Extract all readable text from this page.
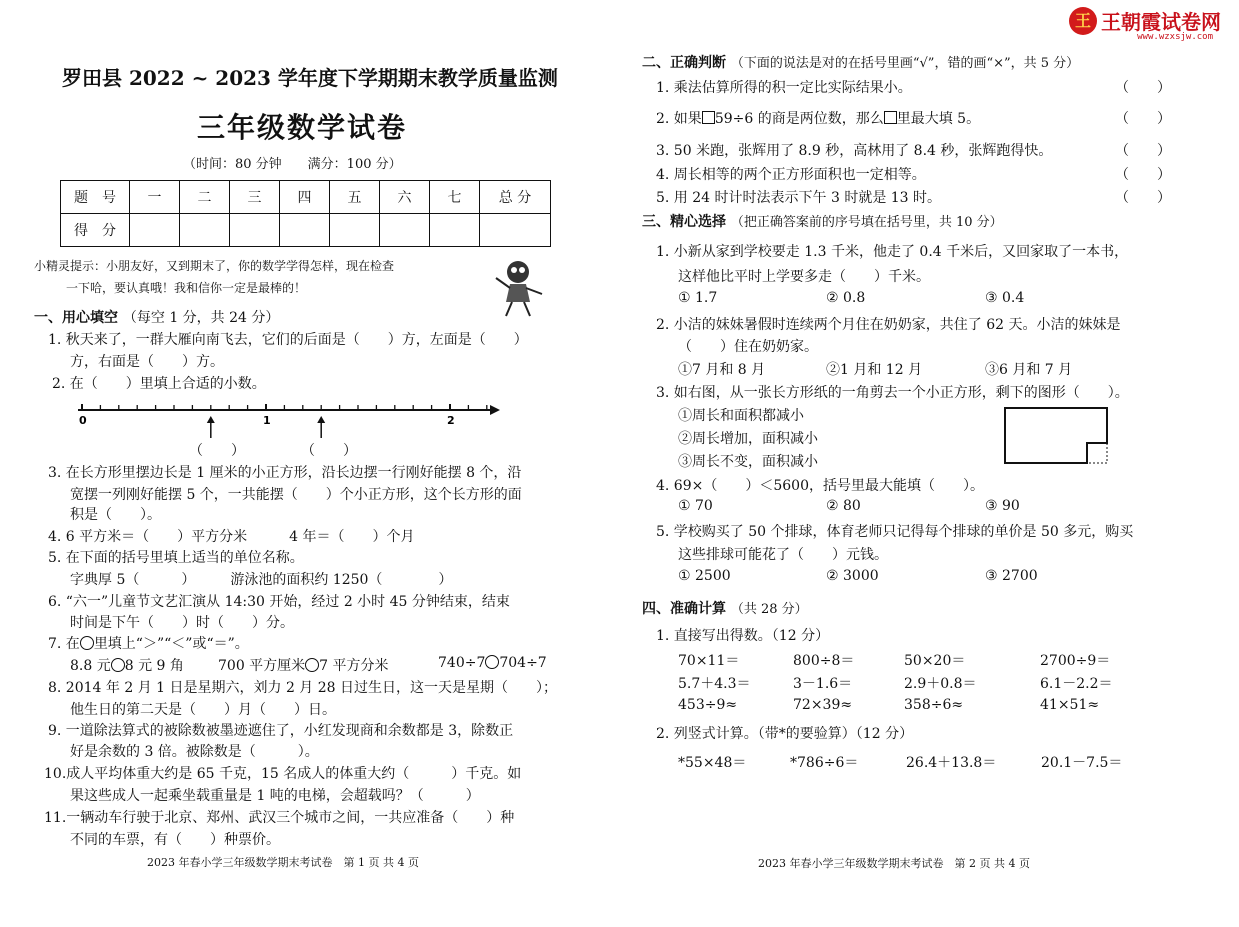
罗田县 2022 ~ 2023 学年度下学期期末教学质量监测
三年级数学试卷
（时间：80 分钟　　满分：100 分）
题　号	一	二	三	四	五	六	七	总 分
得　分								
小精灵提示：小朋友好，又到期末了，你的数学学得怎样，现在检查
一下哈，要认真哦！我和信你一定是最棒的！
一、用心填空 （每空 1 分，共 24 分）
1. 秋天来了，一群大雁向南飞去，它们的后面是（　　）方，左面是（　　）
方，右面是（　　）方。
2. 在（　　）里填上合适的小数。
0	1	2
（　　）	（　　）
3. 在长方形里摆边长是 1 厘米的小正方形，沿长边摆一行刚好能摆 8 个，沿
宽摆一列刚好能摆 5 个，一共能摆（　　）个小正方形，这个长方形的面
积是（　　）。
4. 6 平方米＝（　　）平方分米　　　4 年＝（　　）个月
5. 在下面的括号里填上适当的单位名称。
字典厚 5（　　　）　　　游泳池的面积约 1250（　　　　）
6. “六一”儿童节文艺汇演从 14:30 开始，经过 2 小时 45 分钟结束，结束
时间是下午（　　）时（　　）分。
7. 在 里填上“＞”“＜”或“＝”。
8.8 元 8 元 9 角 700 平方厘米 7 平方分米	740÷7 704÷7
8. 2014 年 2 月 1 日是星期六，刘力 2 月 28 日过生日，这一天是星期（　　）；
他生日的第二天是（　　）月（　　）日。
9. 一道除法算式的被除数被墨迹遮住了，小红发现商和余数都是 3，除数正
好是余数的 3 倍。被除数是（　　　）。
10.成人平均体重大约是 65 千克，15 名成人的体重大约（　　　）千克。如
果这些成人一起乘坐载重量是 1 吨的电梯，会超载吗？（　　　）
11.一辆动车行驶于北京、郑州、武汉三个城市之间，一共应准备（　　）种
不同的车票，有（　　）种票价。
2023 年春小学三年级数学期末考试卷　第 1 页 共 4 页
王 王朝霞试卷网
www.wzxsjw.com
二、正确判断 （下面的说法是对的在括号里画“√”，错的画“×”，共 5 分）
1. 乘法估算所得的积一定比实际结果小。
2. 如果 59÷6 的商是两位数，那么 里最大填 5。
3. 50 米跑，张辉用了 8.9 秒，高林用了 8.4 秒，张辉跑得快。
4. 周长相等的两个正方形面积也一定相等。
5. 用 24 时计时法表示下午 3 时就是 13 时。
（　　）
（　　）
（　　）
（　　）
（　　）
三、精心选择 （把正确答案前的序号填在括号里，共 10 分）
1. 小新从家到学校要走 1.3 千米，他走了 0.4 千米后，又回家取了一本书，
这样他比平时上学要多走（　　）千米。
① 1.7	② 0.8	③ 0.4
2. 小洁的妹妹暑假时连续两个月住在奶奶家，共住了 62 天。小洁的妹妹是
（　　）住在奶奶家。
①7 月和 8 月	②1 月和 12 月	③6 月和 7 月
3. 如右图，从一张长方形纸的一角剪去一个小正方形，剩下的图形（　　）。
①周长和面积都减小
②周长增加，面积减小
③周长不变，面积减小
4. 69×（　　）＜5600，括号里最大能填（　　）。
① 70	② 80	③ 90
5. 学校购买了 50 个排球，体育老师只记得每个排球的单价是 50 多元，购买
这些排球可能花了（　　）元钱。
① 2500	② 3000	③ 2700
四、准确计算 （共 28 分）
1. 直接写出得数。（12 分）
70×11＝	800÷8＝	50×20＝	2700÷9＝
5.7＋4.3＝	3－1.6＝	2.9＋0.8＝	6.1－2.2＝
453÷9≈	72×39≈	358÷6≈	41×51≈
2. 列竖式计算。（带*的要验算）（12 分）
*55×48＝	*786÷6＝	26.4＋13.8＝	20.1－7.5＝
2023 年春小学三年级数学期末考试卷　第 2 页 共 4 页
